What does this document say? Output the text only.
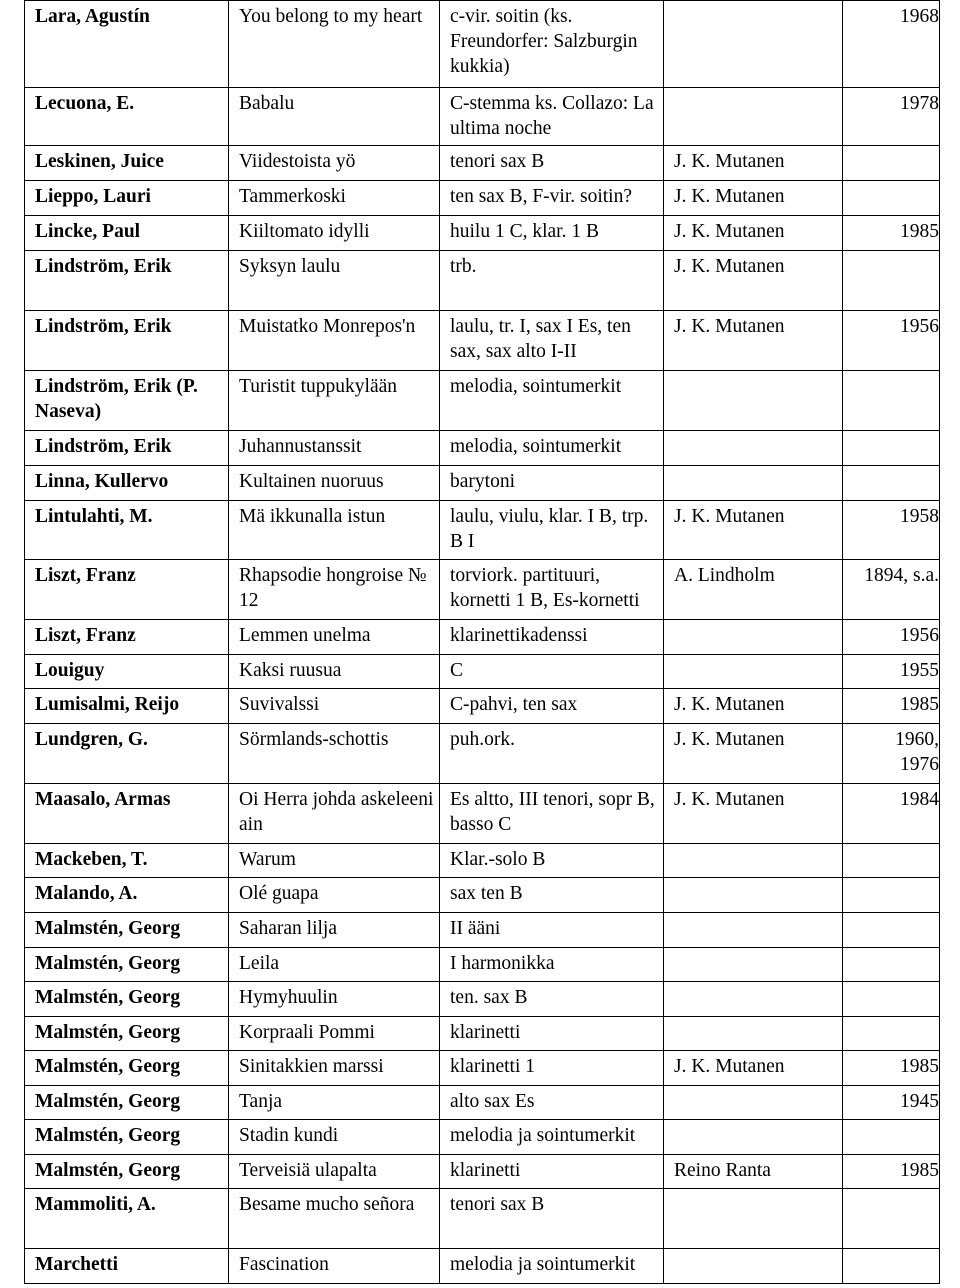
Lara, Agustín	You belong to my heart	c-vir. soitin (ks. Freundorfer: Salzburgin kukkia)		1968
Lecuona, E.	Babalu	C-stemma ks. Collazo: La ultima noche		1978
Leskinen, Juice	Viidestoista yö	tenori sax B	J. K. Mutanen	
Lieppo, Lauri	Tammerkoski	ten sax B, F-vir. soitin?	J. K. Mutanen	
Lincke, Paul	Kiiltomato idylli	huilu 1 C, klar. 1 B	J. K. Mutanen	1985
Lindström, Erik	Syksyn laulu	trb.	J. K. Mutanen	
Lindström, Erik	Muistatko Monrepos'n	laulu, tr. I, sax I Es, ten sax, sax alto I-II	J. K. Mutanen	1956
Lindström, Erik (P. Naseva)	Turistit tuppukylään	melodia, sointumerkit		
Lindström, Erik	Juhannustanssit	melodia, sointumerkit		
Linna, Kullervo	Kultainen nuoruus	barytoni		
Lintulahti, M.	Mä ikkunalla istun	laulu, viulu, klar. I B, trp. B I	J. K. Mutanen	1958
Liszt, Franz	Rhapsodie hongroise № 12	torviork. partituuri, kornetti 1 B, Es-kornetti	A. Lindholm	1894, s.a.
Liszt, Franz	Lemmen unelma	klarinettikadenssi		1956
Louiguy	Kaksi ruusua	C		1955
Lumisalmi, Reijo	Suvivalssi	C-pahvi, ten sax	J. K. Mutanen	1985
Lundgren, G.	Sörmlands-schottis	puh.ork.	J. K. Mutanen	1960, 1976
Maasalo, Armas	Oi Herra johda askeleeni ain	Es altto, III tenori, sopr B, basso C	J. K. Mutanen	1984
Mackeben, T.	Warum	Klar.-solo B		
Malando, A.	Olé guapa	sax ten B		
Malmstén, Georg	Saharan lilja	II ääni		
Malmstén, Georg	Leila	I harmonikka		
Malmstén, Georg	Hymyhuulin	ten. sax B		
Malmstén, Georg	Korpraali Pommi	klarinetti		
Malmstén, Georg	Sinitakkien marssi	klarinetti 1	J. K. Mutanen	1985
Malmstén, Georg	Tanja	alto sax Es		1945
Malmstén, Georg	Stadin kundi	melodia ja sointumerkit		
Malmstén, Georg	Terveisiä ulapalta	klarinetti	Reino Ranta	1985
Mammoliti, A.	Besame mucho señora	tenori sax B		
Marchetti	Fascination	melodia ja sointumerkit		
